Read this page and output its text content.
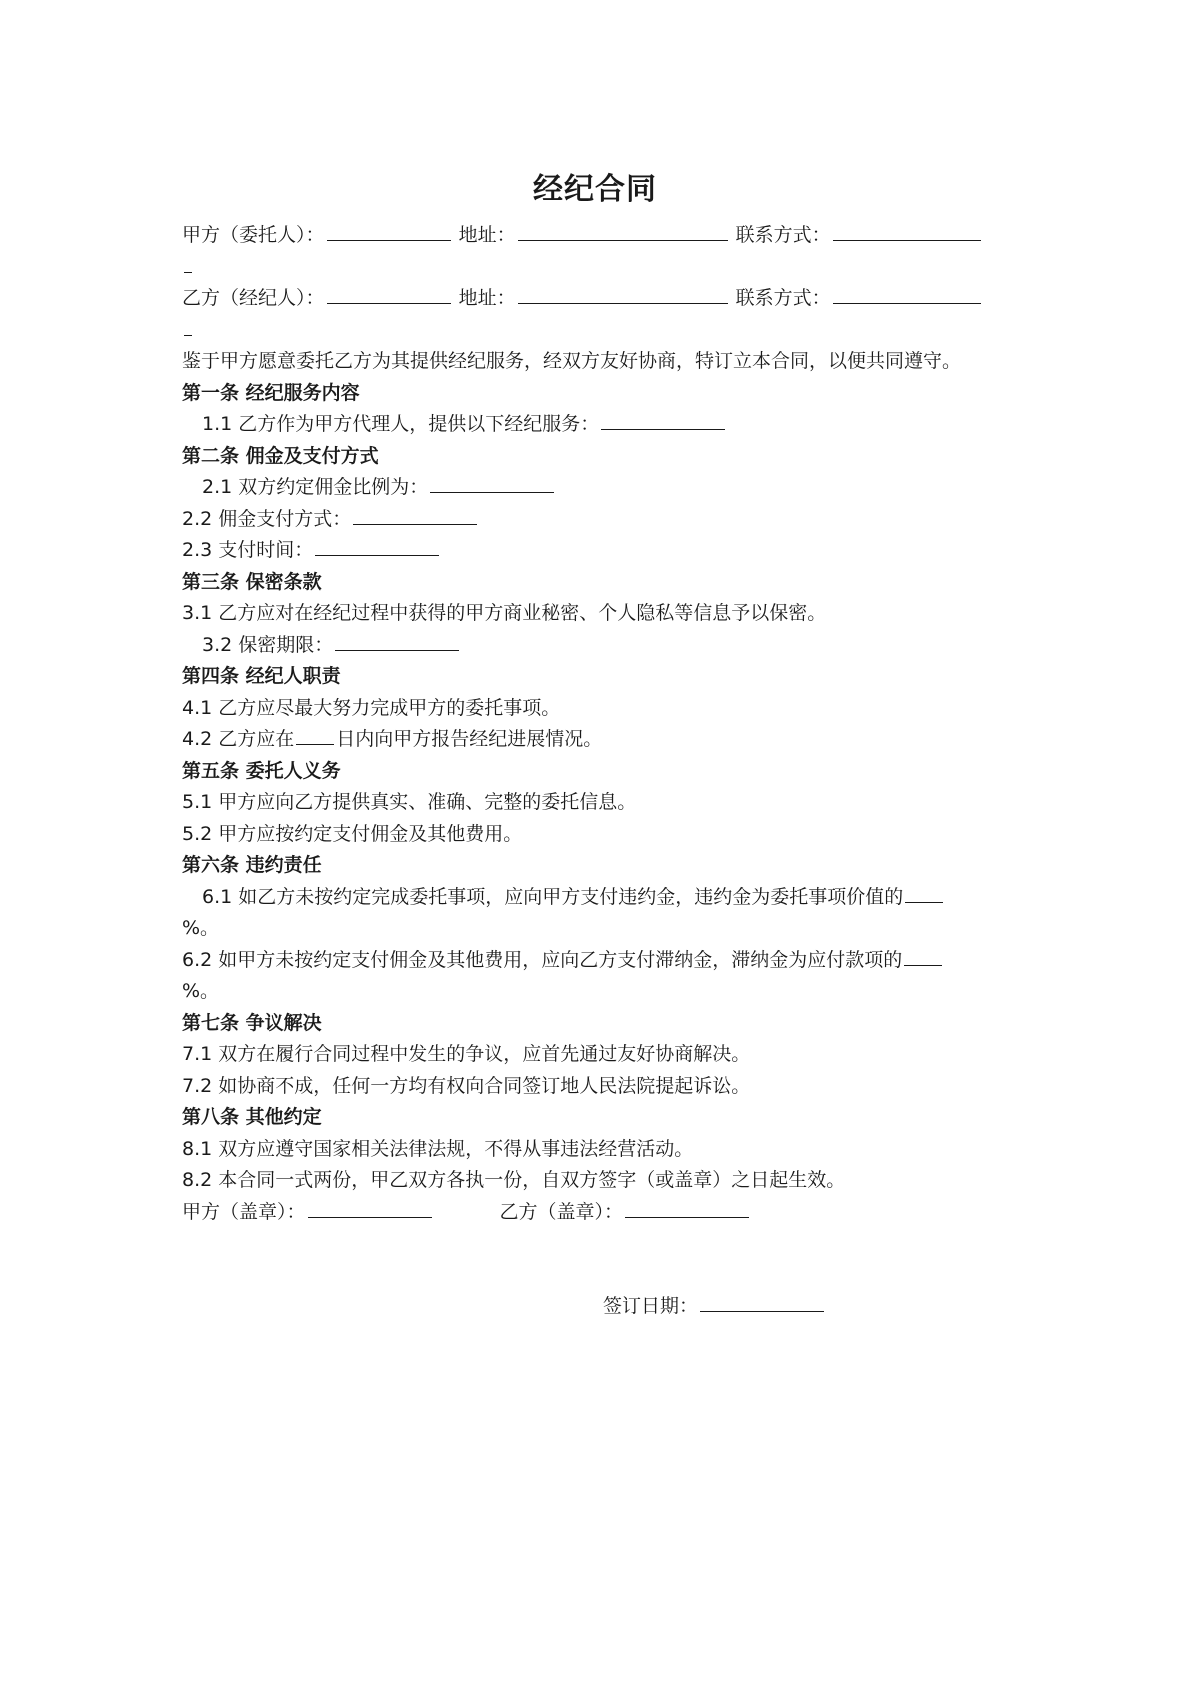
经纪合同
甲方（委托人）：	地址：	联系方式：
乙方（经纪人）：	地址：	联系方式：
鉴于甲方愿意委托乙方为其提供经纪服务，经双方友好协商，特订立本合同，以便共同遵守。
第一条 经纪服务内容
1.1 乙方作为甲方代理人，提供以下经纪服务：
第二条 佣金及支付方式
2.1 双方约定佣金比例为：
2.2 佣金支付方式：
2.3 支付时间：
第三条 保密条款
3.1 乙方应对在经纪过程中获得的甲方商业秘密、个人隐私等信息予以保密。
3.2 保密期限：
第四条 经纪人职责
4.1 乙方应尽最大努力完成甲方的委托事项。
4.2 乙方应在 日内向甲方报告经纪进展情况。
第五条 委托人义务
5.1 甲方应向乙方提供真实、准确、完整的委托信息。
5.2 甲方应按约定支付佣金及其他费用。
第六条 违约责任
6.1 如乙方未按约定完成委托事项，应向甲方支付违约金，违约金为委托事项价值的
%。
6.2 如甲方未按约定支付佣金及其他费用，应向乙方支付滞纳金，滞纳金为应付款项的
%。
第七条 争议解决
7.1 双方在履行合同过程中发生的争议，应首先通过友好协商解决。
7.2 如协商不成，任何一方均有权向合同签订地人民法院提起诉讼。
第八条 其他约定
8.1 双方应遵守国家相关法律法规，不得从事违法经营活动。
8.2 本合同一式两份，甲乙双方各执一份，自双方签字（或盖章）之日起生效。
甲方（盖章）：	乙方（盖章）：
签订日期：
